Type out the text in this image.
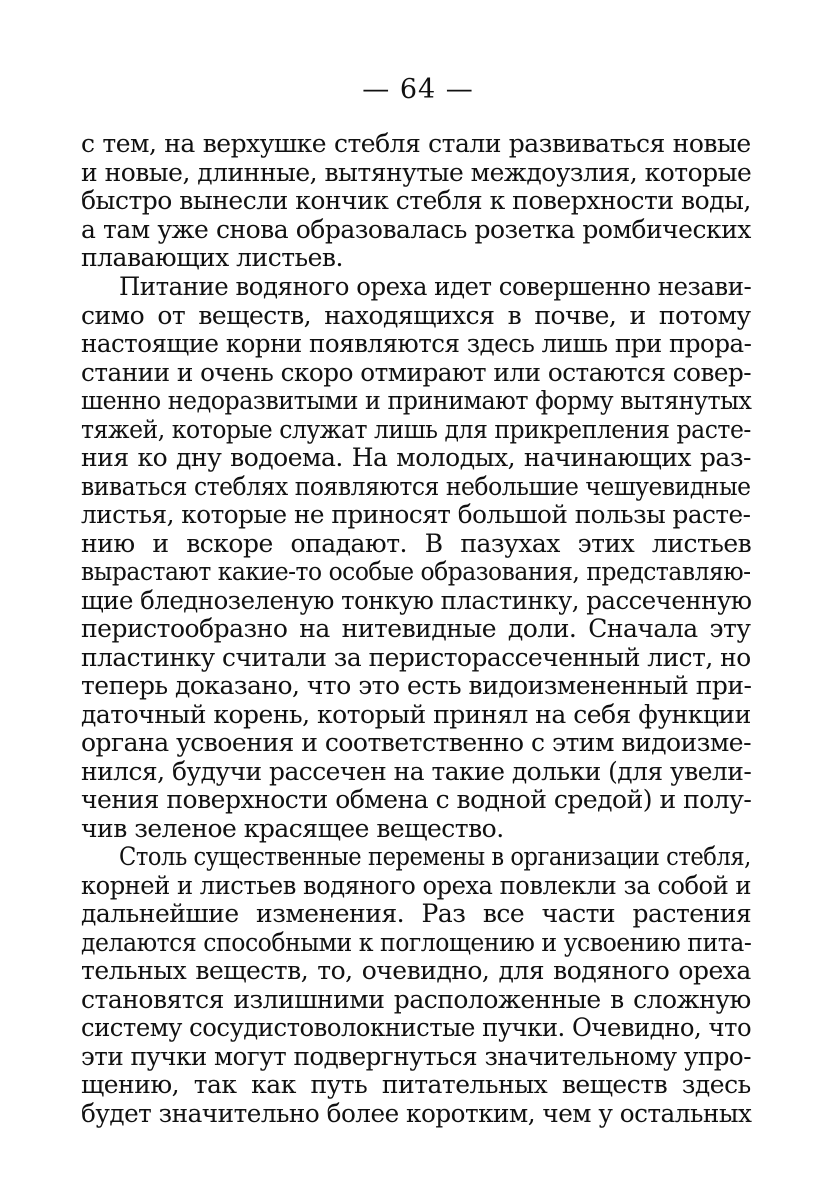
— 64 —
с тем, на верхушке стебля стали развиваться новые
и новые, длинные, вытянутые междоузлия, которые
быстро вынесли кончик стебля к поверхности воды,
а там уже снова образовалась розетка ромбических
плавающих листьев.
Питание водяного ореха идет совершенно незави-
симо от веществ, находящихся в почве, и потому
настоящие корни появляются здесь лишь при прора-
стании и очень скоро отмирают или остаются совер-
шенно недоразвитыми и принимают форму вытянутых
тяжей, которые служат лишь для прикрепления расте-
ния ко дну водоема. На молодых, начинающих раз-
виваться стеблях появляются небольшие чешуевидные
листья, которые не приносят большой пользы расте-
нию и вскоре опадают. В пазухах этих листьев
вырастают какие-то особые образования, представляю-
щие бледнозеленую тонкую пластинку, рассеченную
перистообразно на нитевидные доли. Сначала эту
пластинку считали за перисторассеченный лист, но
теперь доказано, что это есть видоизмененный при-
даточный корень, который принял на себя функции
органа усвоения и соответственно с этим видоизме-
нился, будучи рассечен на такие дольки (для увели-
чения поверхности обмена с водной средой) и полу-
чив зеленое красящее вещество.
Столь существенные перемены в организации стебля,
корней и листьев водяного ореха повлекли за собой и
дальнейшие изменения. Раз все части растения
делаются способными к поглощению и усвоению пита-
тельных веществ, то, очевидно, для водяного ореха
становятся излишними расположенные в сложную
систему сосудистоволокнистые пучки. Очевидно, что
эти пучки могут подвергнуться значительному упро-
щению, так как путь питательных веществ здесь
будет значительно более коротким, чем у остальных
